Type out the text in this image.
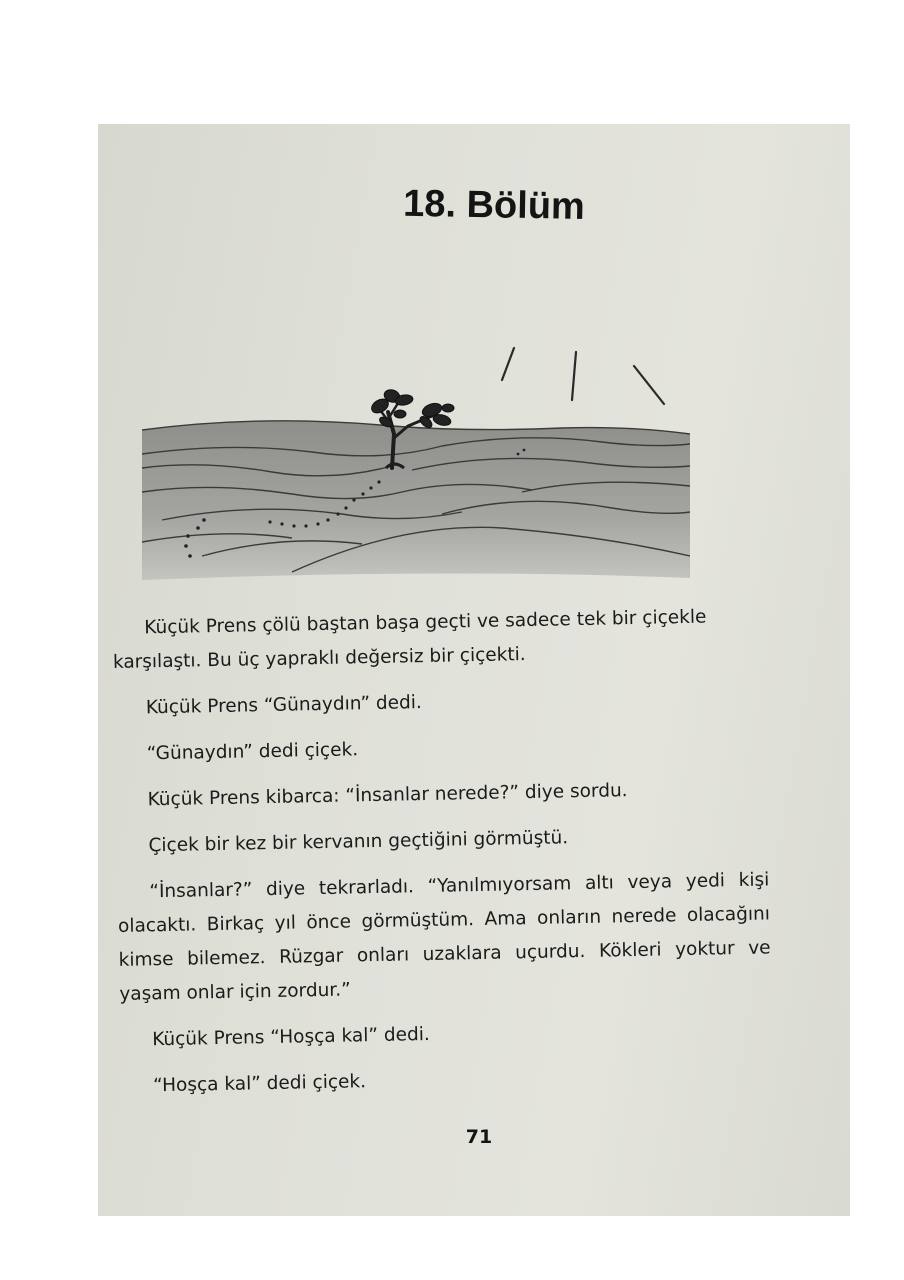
18. Bölüm

Küçük Prens çölü baştan başa geçti ve sadece tek bir çiçekle karşılaştı. Bu üç yapraklı değersiz bir çiçekti.

Küçük Prens “Günaydın” dedi.

“Günaydın” dedi çiçek.

Küçük Prens kibarca: “İnsanlar nerede?” diye sordu.

Çiçek bir kez bir kervanın geçtiğini görmüştü.

“İnsanlar?” diye tekrarladı. “Yanılmıyorsam altı veya yedi kişi olacaktı. Birkaç yıl önce görmüştüm. Ama onların nerede olacağını kimse bilemez. Rüzgar onları uzaklara uçurdu. Kökleri yoktur ve yaşam onlar için zordur.”

Küçük Prens “Hoşça kal” dedi.

“Hoşça kal” dedi çiçek.

71
